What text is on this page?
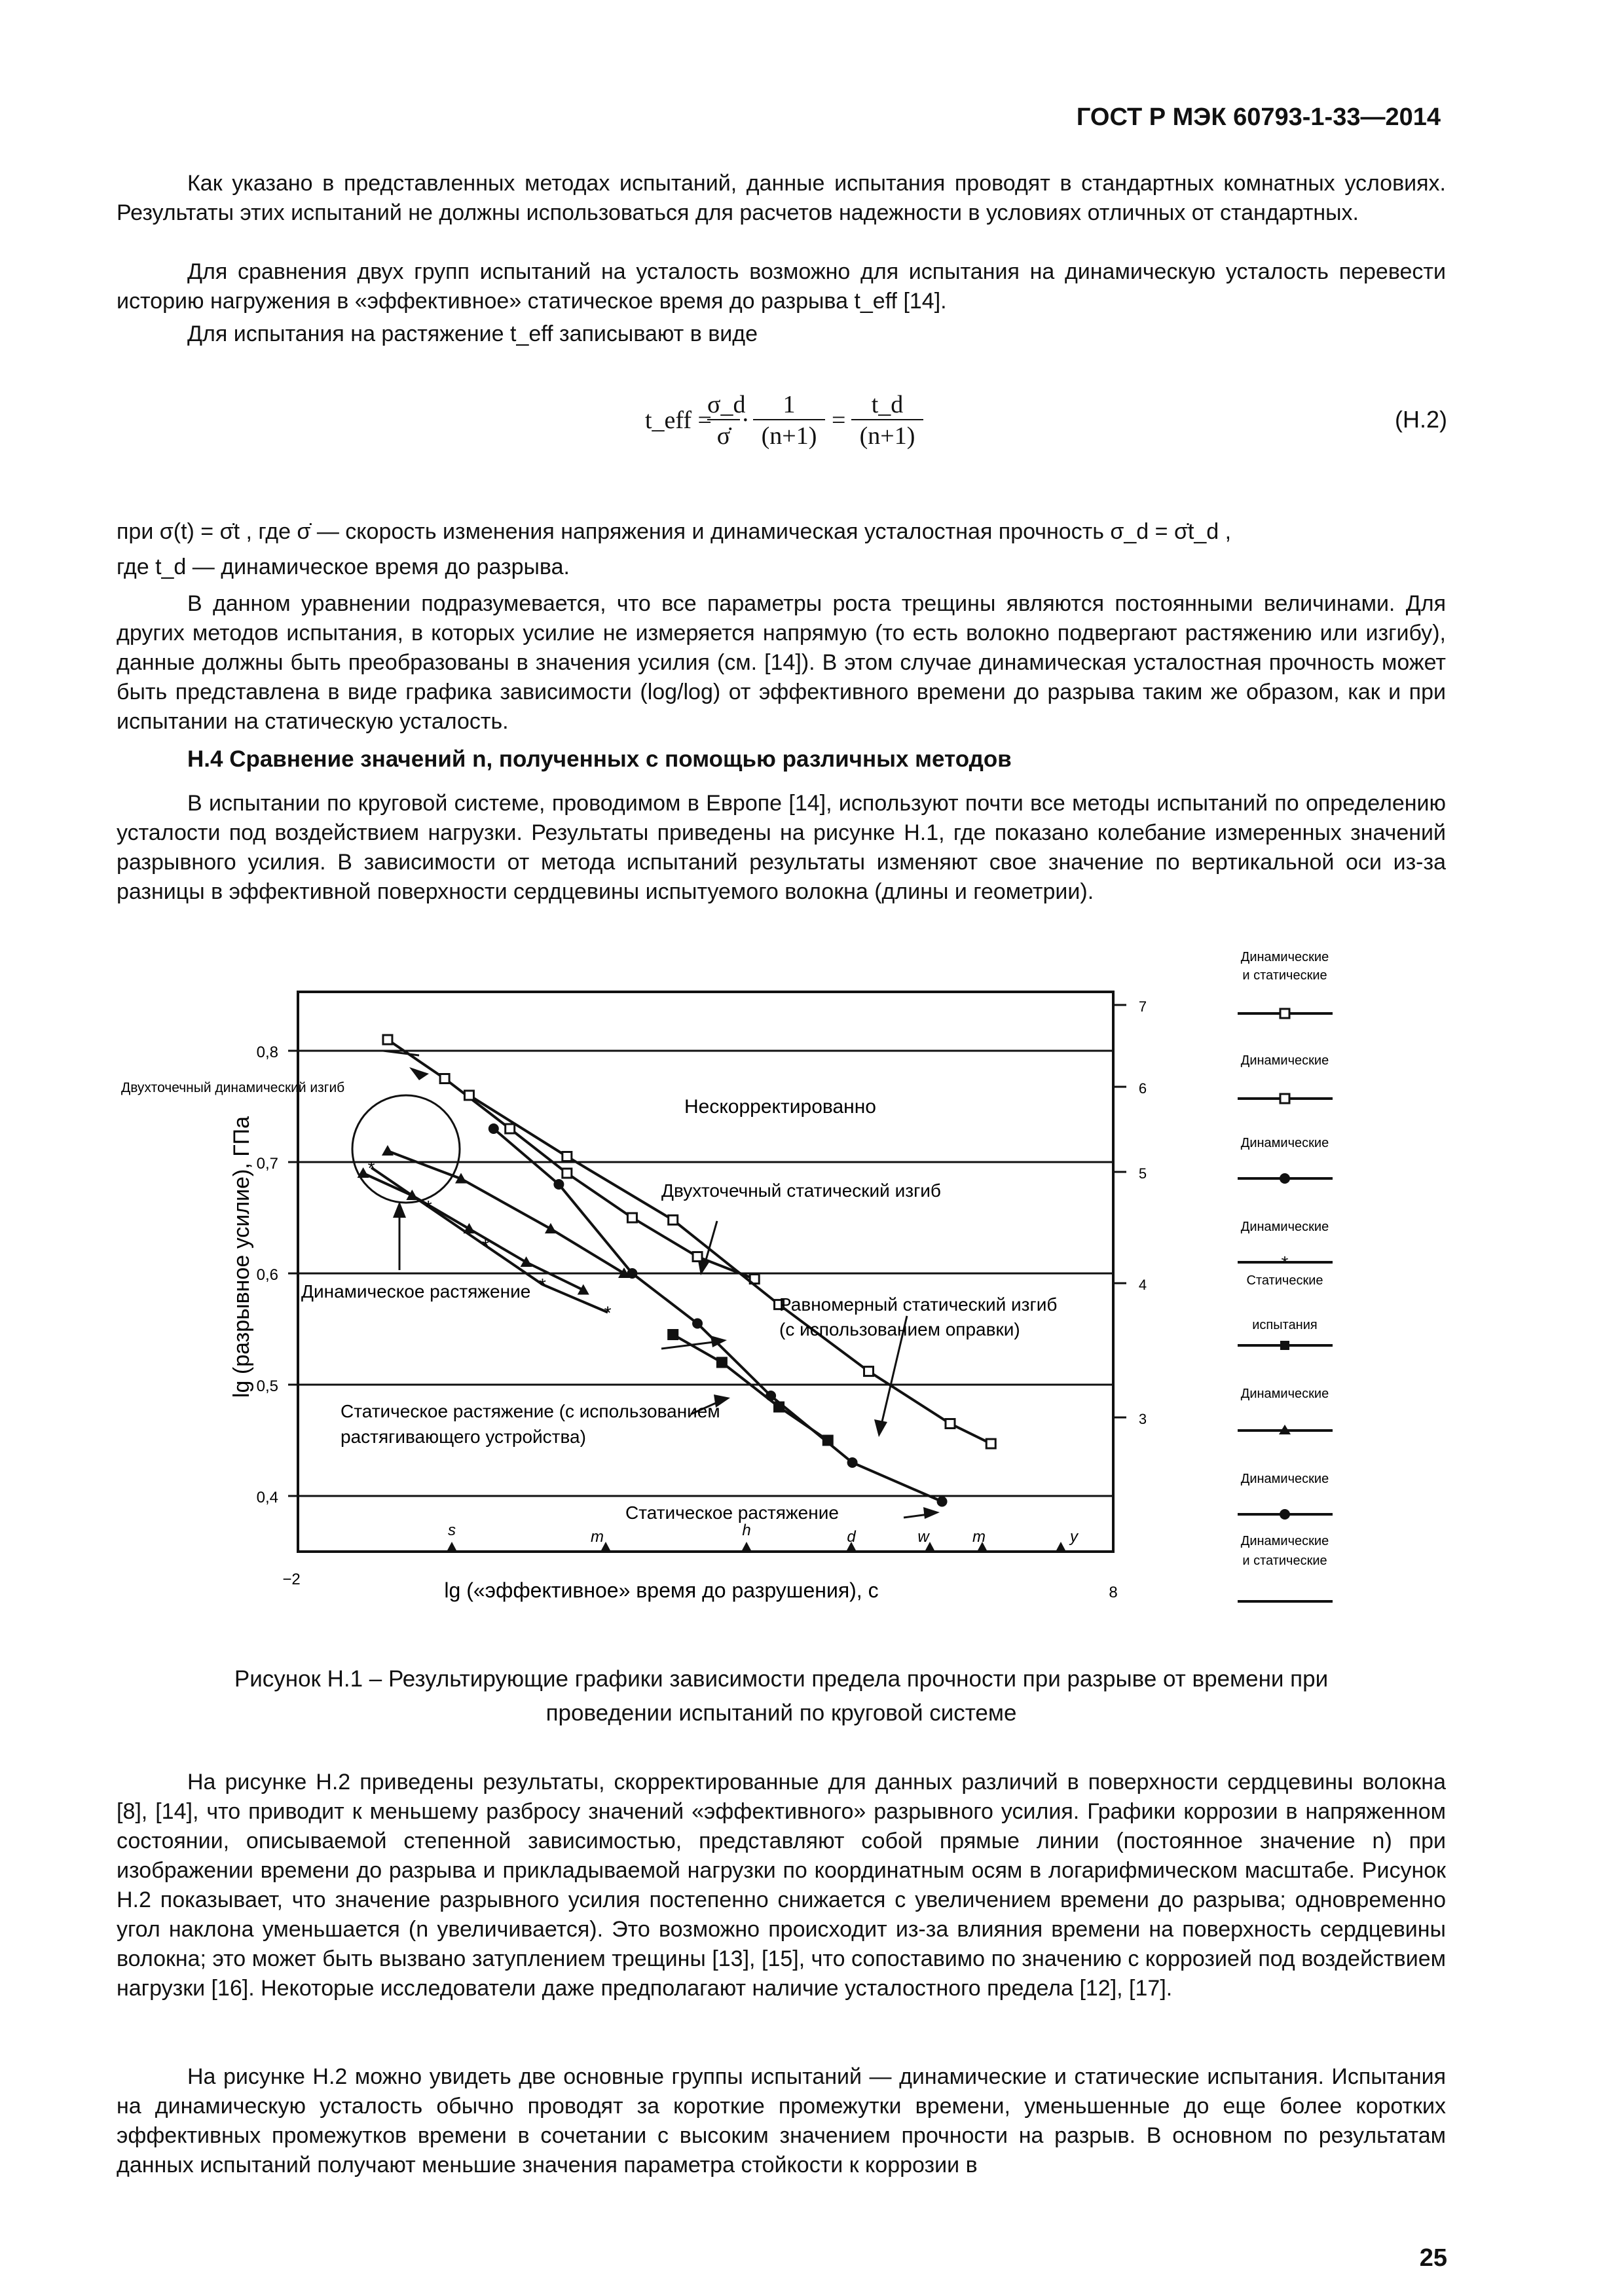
ГОСТ Р МЭК 60793-1-33—2014
Как указано в представленных методах испытаний, данные испытания проводят в стандартных комнатных условиях. Результаты этих испытаний не должны использоваться для расчетов надежности в условиях отличных от стандартных.
Для сравнения двух групп испытаний на усталость возможно для испытания на динамическую усталость перевести историю нагружения в «эффективное» статическое время до разрыва t_eff [14].
Для испытания на растяжение t_eff записывают в виде
t_eff =
σ_d
σ̇
·
1
(n+1)
=
t_d
(n+1)
(Н.2)
при σ(t) = σ̇t , где σ̇ — скорость изменения напряжения и динамическая усталостная прочность σ_d = σ̇t_d ,
где t_d — динамическое время до разрыва.
В данном уравнении подразумевается, что все параметры роста трещины являются постоянными величинами. Для других методов испытания, в которых усилие не измеряется напрямую (то есть волокно подвергают растяжению или изгибу), данные должны быть преобразованы в значения усилия (см. [14]). В этом случае динамическая усталостная прочность может быть представлена в виде графика зависимости (log/log) от эффективного времени до разрыва таким же образом, как и при испытании на статическую усталость.
Н.4 Сравнение значений n, полученных с помощью различных методов
В испытании по круговой системе, проводимом в Европе [14], используют почти все методы испытаний по определению усталости под воздействием нагрузки. Результаты приведены на рисунке Н.1, где показано колебание измеренных значений разрывного усилия. В зависимости от метода испытаний результаты изменяют свое значение по вертикальной оси из-за разницы в эффективной поверхности сердцевины испытуемого волокна (длины и геометрии).
*
*
*
*
*
*
0,8
0,7
0,6
0,5
0,4
−2
8
7
6
5
4
3
s	m	h	d	w	m	y
lg (разрывное усилие), ГПа
lg («эффективное» время до разрушения), с
Нескорректированно
Двухточечный динамический изгиб
Двухточечный статический изгиб
Динамическое растяжение
Равномерный статический изгиб
(с использованием оправки)
Статическое растяжение (с использованием
растягивающего устройства)
Статическое растяжение
Динамические
и статические
Динамические
Динамические
Динамические
Статические
испытания
Динамические
Динамические
Динамические
и статические
Рисунок Н.1 – Результирующие графики зависимости предела прочности при разрыве от времени при
проведении испытаний по круговой системе
На рисунке Н.2 приведены результаты, скорректированные для данных различий в поверхности сердцевины волокна [8], [14], что приводит к меньшему разбросу значений «эффективного» разрывного усилия. Графики коррозии в напряженном состоянии, описываемой степенной зависимостью, представляют собой прямые линии (постоянное значение n) при изображении времени до разрыва и прикладываемой нагрузки по координатным осям в логарифмическом масштабе. Рисунок Н.2 показывает, что значение разрывного усилия постепенно снижается с увеличением времени до разрыва; одновременно угол наклона уменьшается (n увеличивается). Это возможно происходит из-за влияния времени на поверхность сердцевины волокна; это может быть вызвано затуплением трещины [13], [15], что сопоставимо по значению с коррозией под воздействием нагрузки [16]. Некоторые исследователи даже предполагают наличие усталостного предела [12], [17].
На рисунке Н.2 можно увидеть две основные группы испытаний — динамические и статические испытания. Испытания на динамическую усталость обычно проводят за короткие промежутки времени, уменьшенные до еще более коротких эффективных промежутков времени в сочетании с высоким значением прочности на разрыв. В основном по результатам данных испытаний получают меньшие значения параметра стойкости к коррозии в
25
